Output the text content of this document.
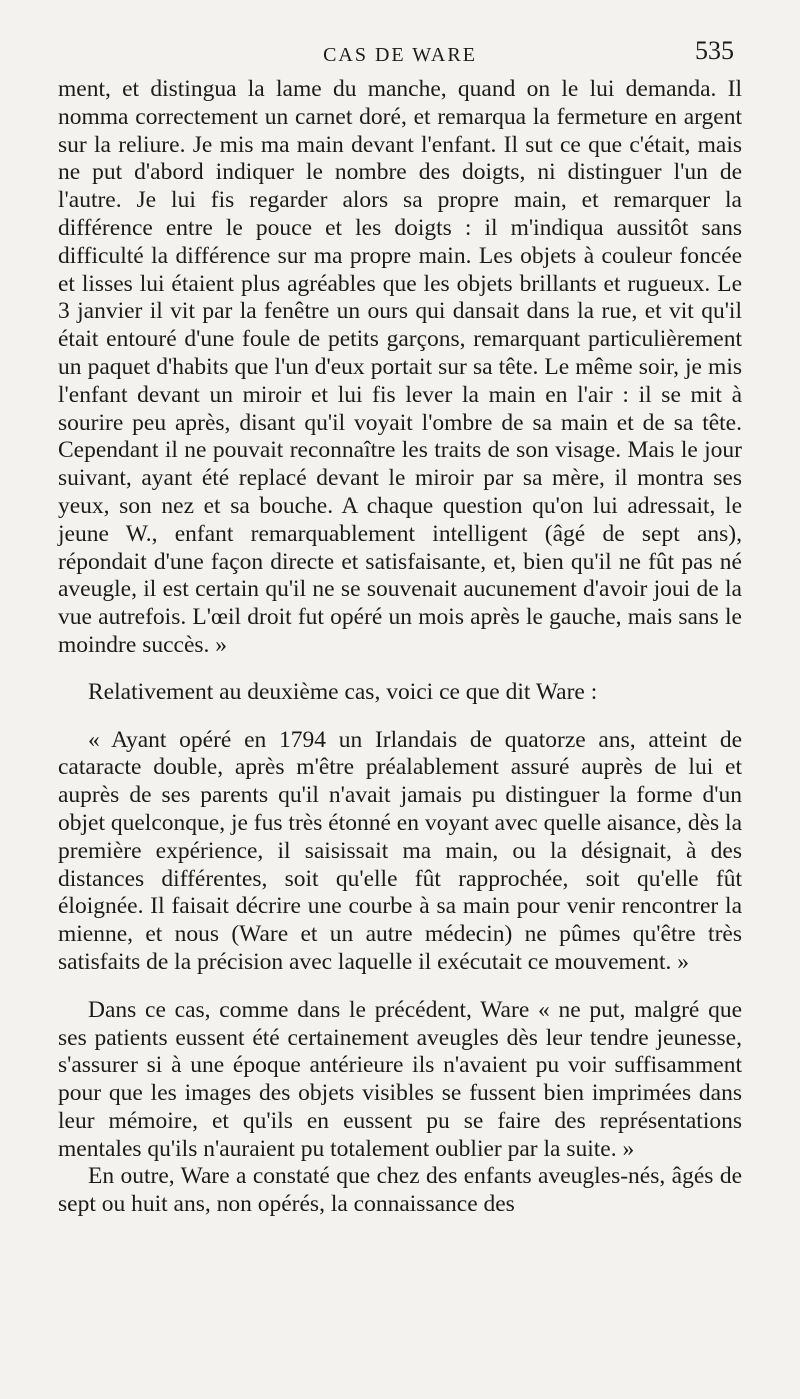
CAS DE WARE	535

ment, et distingua la lame du manche, quand on le lui demanda. Il nomma correctement un carnet doré, et remarqua la fermeture en argent sur la reliure. Je mis ma main devant l'enfant. Il sut ce que c'était, mais ne put d'abord indiquer le nombre des doigts, ni distinguer l'un de l'autre. Je lui fis regarder alors sa propre main, et remarquer la différence entre le pouce et les doigts : il m'indiqua aussitôt sans difficulté la différence sur ma propre main. Les objets à couleur foncée et lisses lui étaient plus agréables que les objets brillants et rugueux. Le 3 janvier il vit par la fenêtre un ours qui dansait dans la rue, et vit qu'il était entouré d'une foule de petits garçons, remarquant particulièrement un paquet d'habits que l'un d'eux portait sur sa tête. Le même soir, je mis l'enfant devant un miroir et lui fis lever la main en l'air : il se mit à sourire peu après, disant qu'il voyait l'ombre de sa main et de sa tête. Cependant il ne pouvait reconnaître les traits de son visage. Mais le jour suivant, ayant été replacé devant le miroir par sa mère, il montra ses yeux, son nez et sa bouche. A chaque question qu'on lui adressait, le jeune W., enfant remarquablement intelligent (âgé de sept ans), répondait d'une façon directe et satisfaisante, et, bien qu'il ne fût pas né aveugle, il est certain qu'il ne se souvenait aucunement d'avoir joui de la vue autrefois. L'œil droit fut opéré un mois après le gauche, mais sans le moindre succès. »

Relativement au deuxième cas, voici ce que dit Ware :

« Ayant opéré en 1794 un Irlandais de quatorze ans, atteint de cataracte double, après m'être préalablement assuré auprès de lui et auprès de ses parents qu'il n'avait jamais pu distinguer la forme d'un objet quelconque, je fus très étonné en voyant avec quelle aisance, dès la première expérience, il saisissait ma main, ou la désignait, à des distances différentes, soit qu'elle fût rapprochée, soit qu'elle fût éloignée. Il faisait décrire une courbe à sa main pour venir rencontrer la mienne, et nous (Ware et un autre médecin) ne pûmes qu'être très satisfaits de la précision avec laquelle il exécutait ce mouvement. »

Dans ce cas, comme dans le précédent, Ware « ne put, malgré que ses patients eussent été certainement aveugles dès leur tendre jeunesse, s'assurer si à une époque antérieure ils n'avaient pu voir suffisamment pour que les images des objets visibles se fussent bien imprimées dans leur mémoire, et qu'ils en eussent pu se faire des représentations mentales qu'ils n'auraient pu totalement oublier par la suite. »

En outre, Ware a constaté que chez des enfants aveugles-nés, âgés de sept ou huit ans, non opérés, la connaissance des
